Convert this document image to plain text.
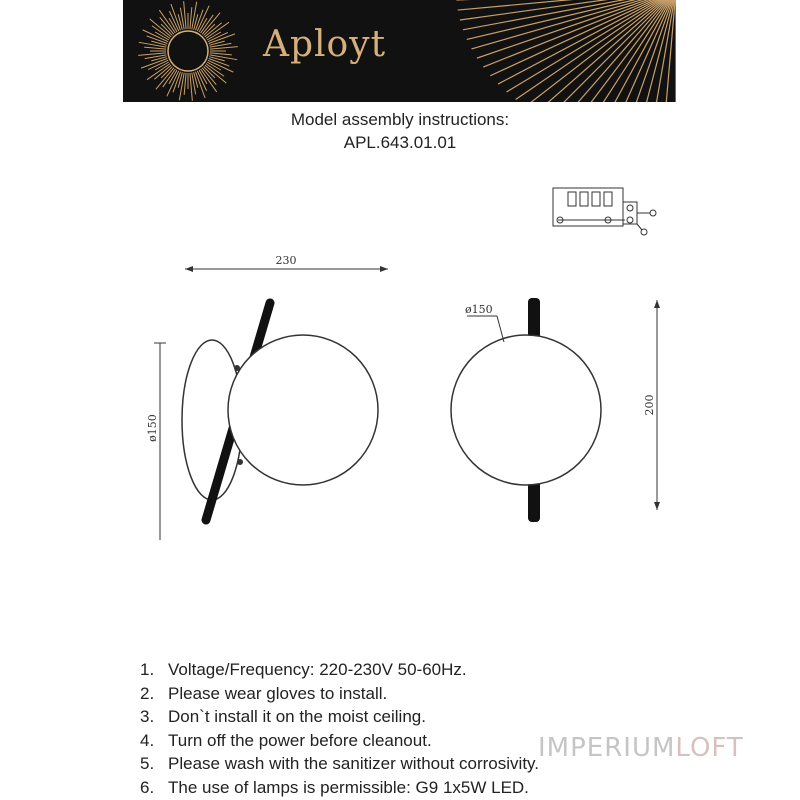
Aployt
Model assembly instructions:
APL.643.01.01
230
ø150
ø150
200
1. Voltage/Frequency: 220-230V 50-60Hz.
2. Please wear gloves to install.
3. Don`t install it on the moist ceiling.
4. Turn off the power before cleanout.
5. Please wash with the sanitizer without corrosivity.
6. The use of lamps is permissible: G9 1x5W LED.
IMPERIUMLOFT
